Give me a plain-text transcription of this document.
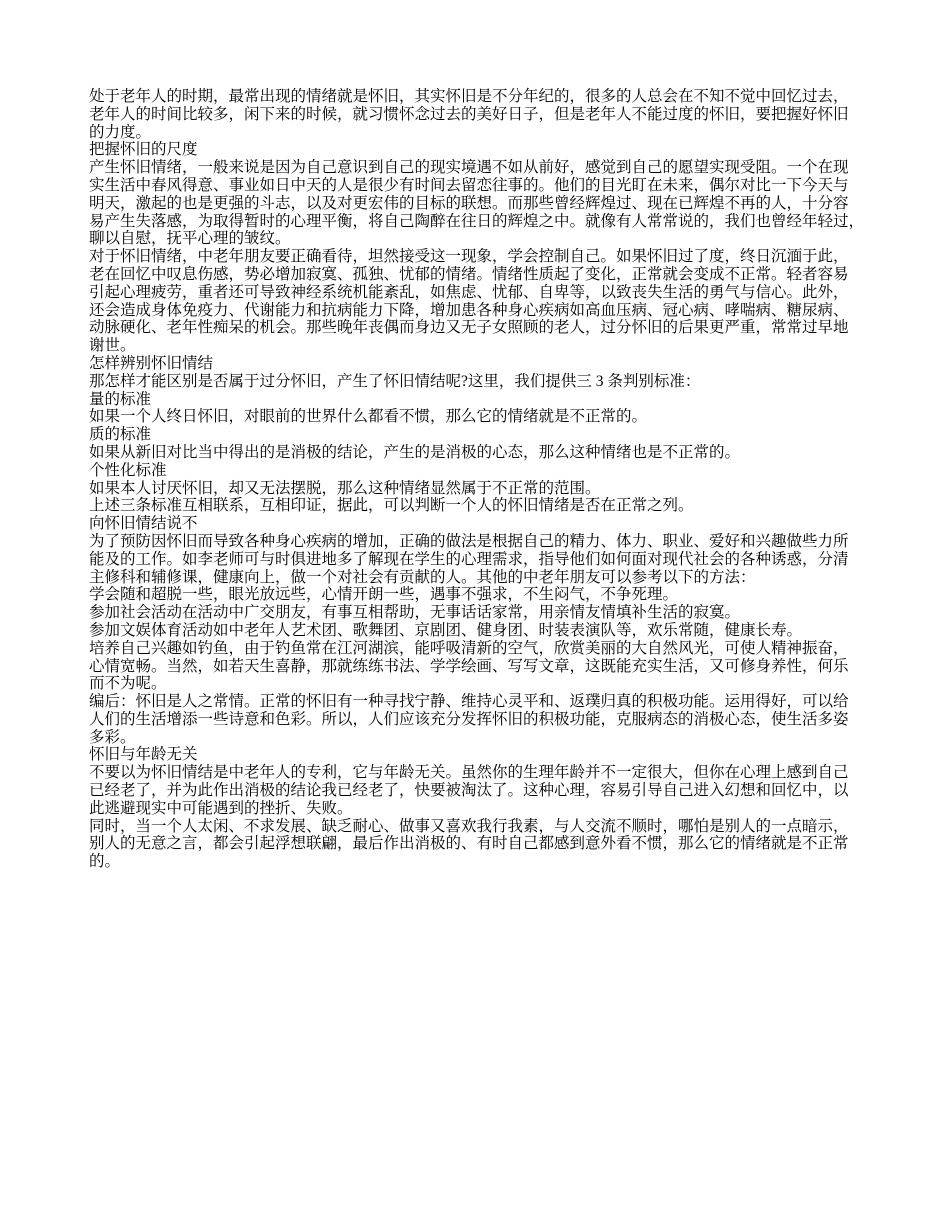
处于老年人的时期，最常出现的情绪就是怀旧，其实怀旧是不分年纪的，很多的人总会在不知不觉中回忆过去，
老年人的时间比较多，闲下来的时候，就习惯怀念过去的美好日子，但是老年人不能过度的怀旧，要把握好怀旧
的力度。
把握怀旧的尺度
产生怀旧情绪，一般来说是因为自己意识到自己的现实境遇不如从前好，感觉到自己的愿望实现受阻。一个在现
实生活中春风得意、事业如日中天的人是很少有时间去留恋往事的。他们的目光盯在未来，偶尔对比一下今天与
明天，激起的也是更强的斗志，以及对更宏伟的目标的联想。而那些曾经辉煌过、现在已辉煌不再的人，十分容
易产生失落感，为取得暂时的心理平衡，将自己陶醉在往日的辉煌之中。就像有人常常说的，我们也曾经年轻过，
聊以自慰，抚平心理的皱纹。
对于怀旧情绪，中老年朋友要正确看待，坦然接受这一现象，学会控制自己。如果怀旧过了度，终日沉湎于此，
老在回忆中叹息伤感，势必增加寂寞、孤独、忧郁的情绪。情绪性质起了变化，正常就会变成不正常。轻者容易
引起心理疲劳，重者还可导致神经系统机能紊乱，如焦虑、忧郁、自卑等，以致丧失生活的勇气与信心。此外，
还会造成身体免疫力、代谢能力和抗病能力下降，增加患各种身心疾病如高血压病、冠心病、哮喘病、糖尿病、
动脉硬化、老年性痴呆的机会。那些晚年丧偶而身边又无子女照顾的老人，过分怀旧的后果更严重，常常过早地
谢世。
怎样辨别怀旧情结
那怎样才能区别是否属于过分怀旧，产生了怀旧情结呢?这里，我们提供三 3 条判别标准：
量的标准
如果一个人终日怀旧，对眼前的世界什么都看不惯，那么它的情绪就是不正常的。
质的标准
如果从新旧对比当中得出的是消极的结论，产生的是消极的心态，那么这种情绪也是不正常的。
个性化标准
如果本人讨厌怀旧，却又无法摆脱，那么这种情绪显然属于不正常的范围。
上述三条标准互相联系，互相印证，据此，可以判断一个人的怀旧情绪是否在正常之列。
向怀旧情结说不
为了预防因怀旧而导致各种身心疾病的增加，正确的做法是根据自己的精力、体力、职业、爱好和兴趣做些力所
能及的工作。如李老师可与时俱进地多了解现在学生的心理需求，指导他们如何面对现代社会的各种诱惑，分清
主修科和辅修课，健康向上，做一个对社会有贡献的人。其他的中老年朋友可以参考以下的方法：
学会随和超脱一些，眼光放远些，心情开朗一些，遇事不强求，不生闷气，不争死理。
参加社会活动在活动中广交朋友，有事互相帮助，无事话话家常，用亲情友情填补生活的寂寞。
参加文娱体育活动如中老年人艺术团、歌舞团、京剧团、健身团、时装表演队等，欢乐常随，健康长寿。
培养自己兴趣如钓鱼，由于钓鱼常在江河湖滨，能呼吸清新的空气，欣赏美丽的大自然风光，可使人精神振奋，
心情宽畅。当然，如若天生喜静，那就练练书法、学学绘画、写写文章，这既能充实生活，又可修身养性，何乐
而不为呢。
编后：怀旧是人之常情。正常的怀旧有一种寻找宁静、维持心灵平和、返璞归真的积极功能。运用得好，可以给
人们的生活增添一些诗意和色彩。所以，人们应该充分发挥怀旧的积极功能，克服病态的消极心态，使生活多姿
多彩。
怀旧与年龄无关
不要以为怀旧情结是中老年人的专利，它与年龄无关。虽然你的生理年龄并不一定很大，但你在心理上感到自己
已经老了，并为此作出消极的结论我已经老了，快要被淘汰了。这种心理，容易引导自己进入幻想和回忆中，以
此逃避现实中可能遇到的挫折、失败。
同时，当一个人太闲、不求发展、缺乏耐心、做事又喜欢我行我素，与人交流不顺时，哪怕是别人的一点暗示，
别人的无意之言，都会引起浮想联翩，最后作出消极的、有时自己都感到意外看不惯，那么它的情绪就是不正常
的。
